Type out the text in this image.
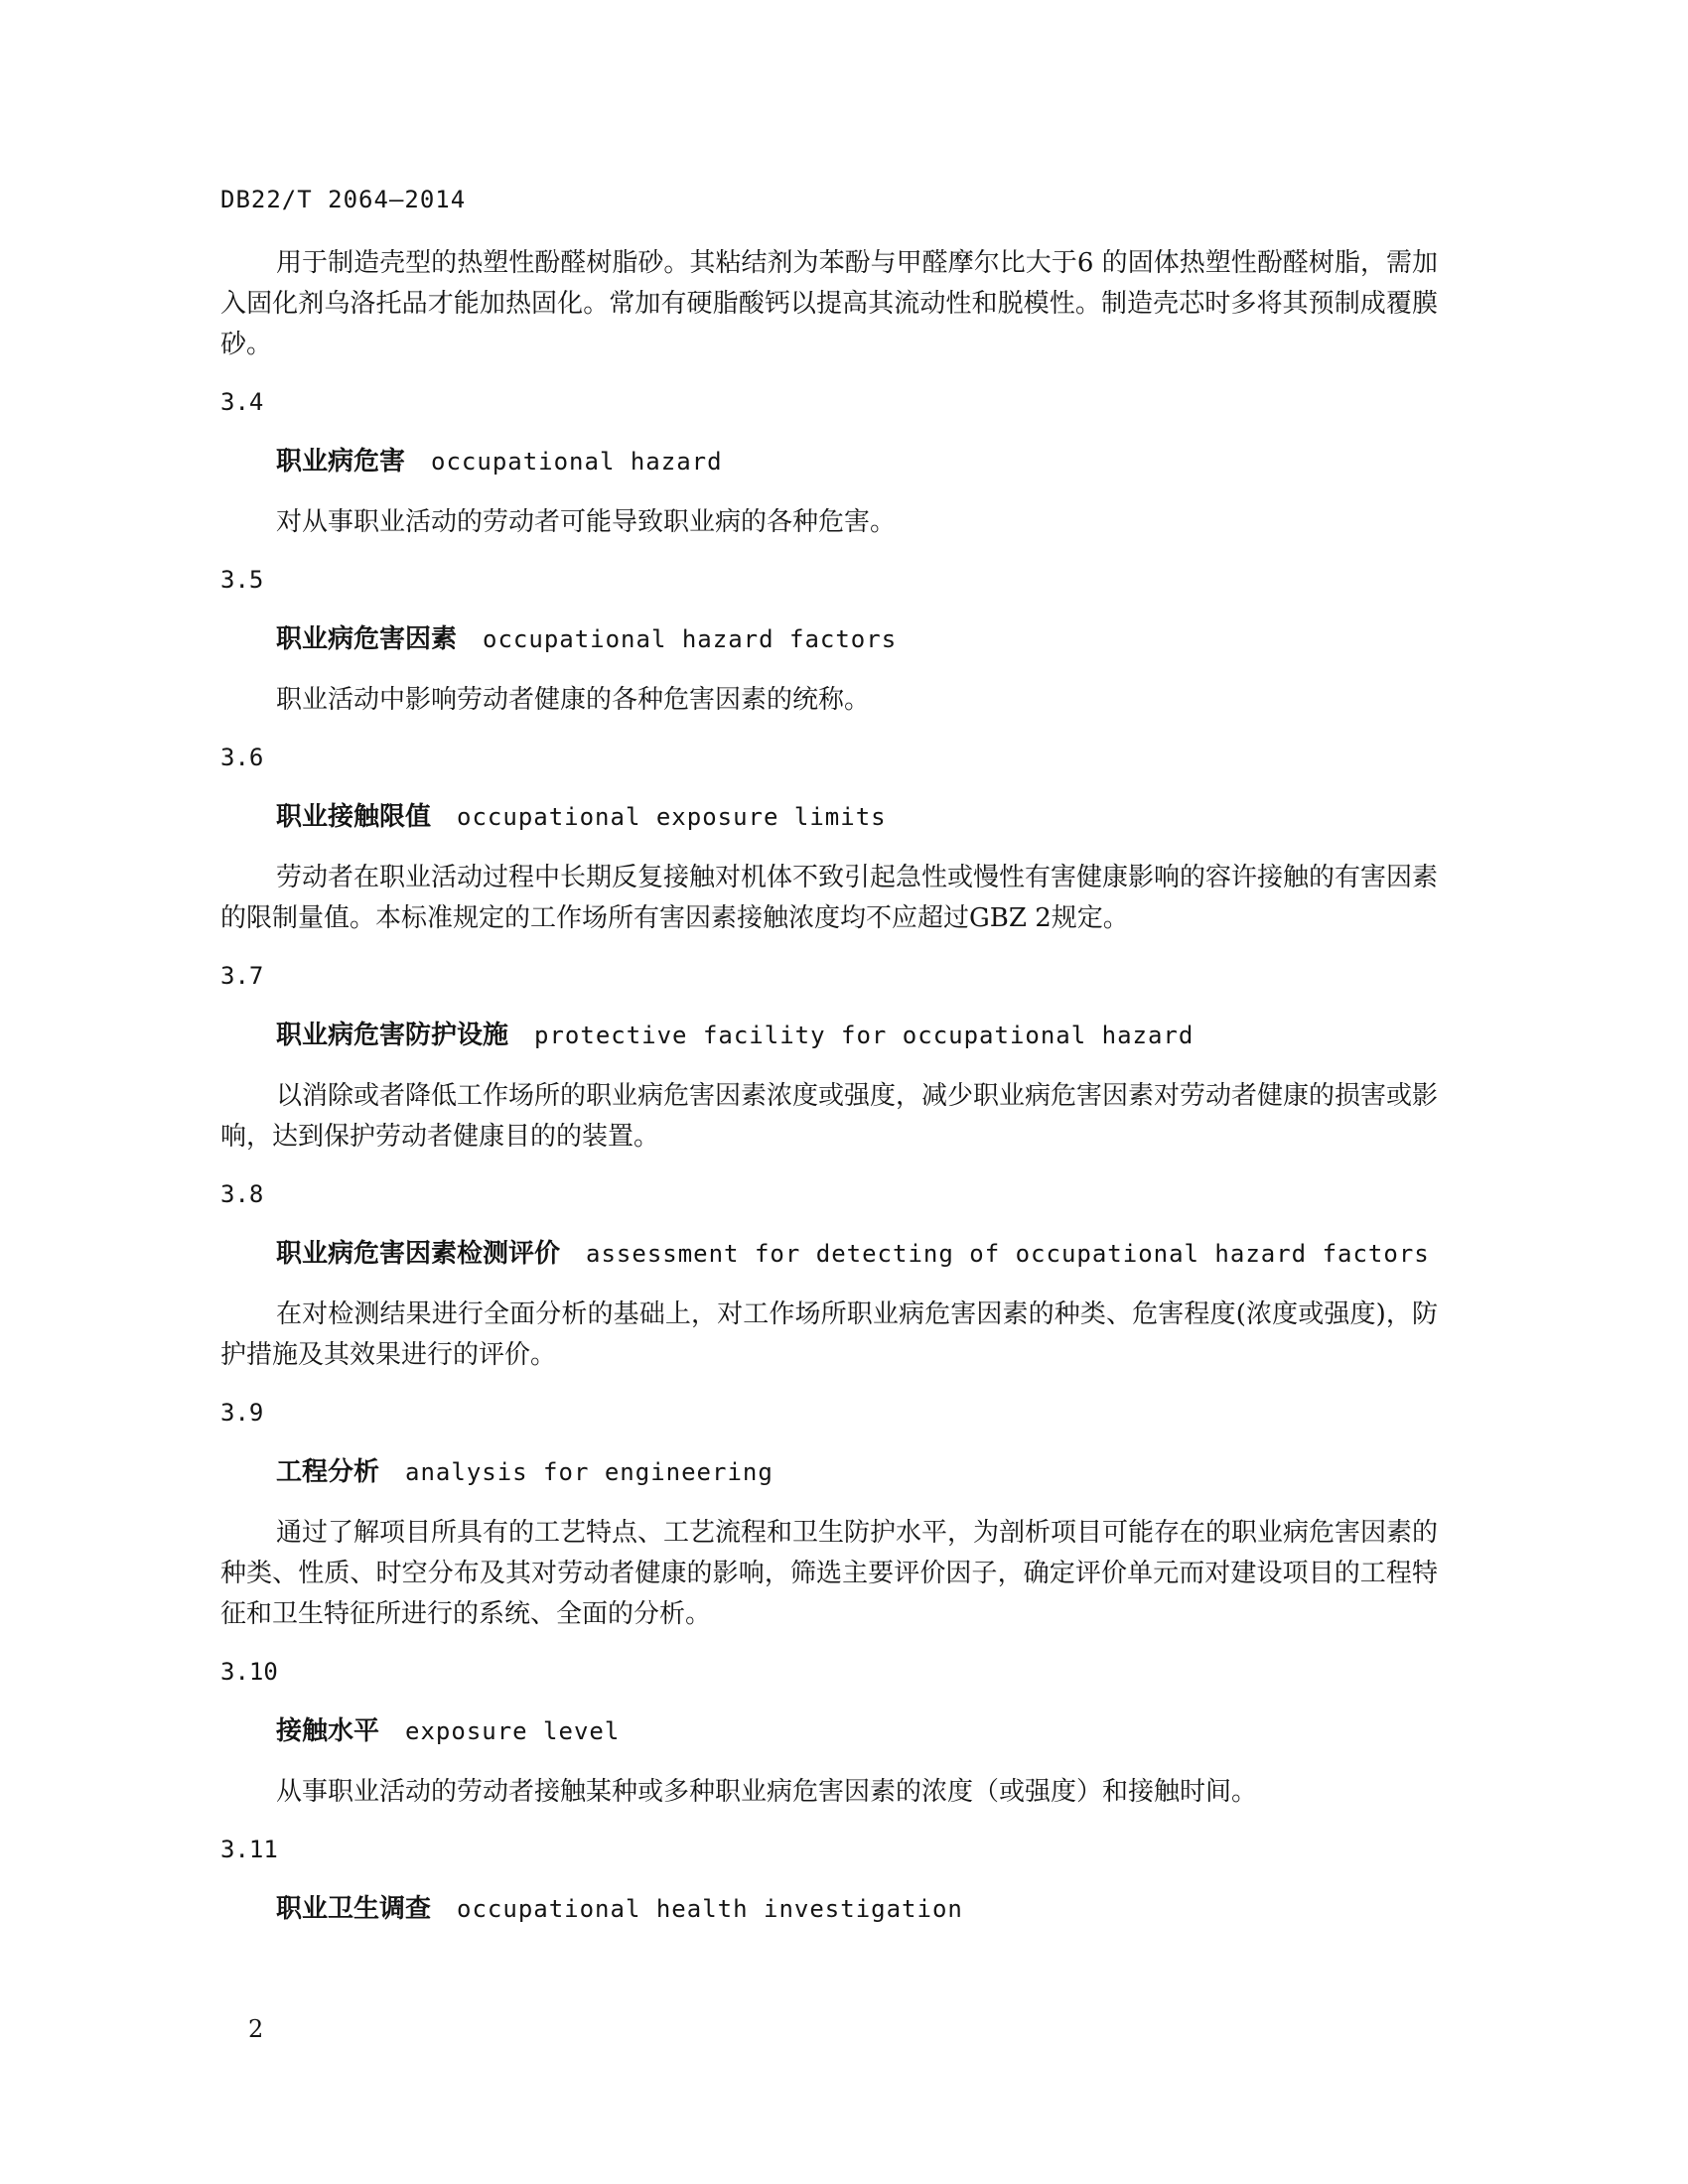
DB22/T 2064—2014

用于制造壳型的热塑性酚醛树脂砂。其粘结剂为苯酚与甲醛摩尔比大于6 的固体热塑性酚醛树脂，需加入固化剂乌洛托品才能加热固化。常加有硬脂酸钙以提高其流动性和脱模性。制造壳芯时多将其预制成覆膜砂。

3.4
职业病危害 occupational hazard

对从事职业活动的劳动者可能导致职业病的各种危害。

3.5
职业病危害因素 occupational hazard factors

职业活动中影响劳动者健康的各种危害因素的统称。

3.6
职业接触限值 occupational exposure limits

劳动者在职业活动过程中长期反复接触对机体不致引起急性或慢性有害健康影响的容许接触的有害因素的限制量值。本标准规定的工作场所有害因素接触浓度均不应超过GBZ 2规定。

3.7
职业病危害防护设施 protective facility for occupational hazard

以消除或者降低工作场所的职业病危害因素浓度或强度，减少职业病危害因素对劳动者健康的损害或影响，达到保护劳动者健康目的的装置。

3.8
职业病危害因素检测评价 assessment for detecting of occupational hazard factors

在对检测结果进行全面分析的基础上，对工作场所职业病危害因素的种类、危害程度(浓度或强度)，防护措施及其效果进行的评价。

3.9
工程分析 analysis for engineering

通过了解项目所具有的工艺特点、工艺流程和卫生防护水平，为剖析项目可能存在的职业病危害因素的种类、性质、时空分布及其对劳动者健康的影响，筛选主要评价因子，确定评价单元而对建设项目的工程特征和卫生特征所进行的系统、全面的分析。

3.10
接触水平 exposure level

从事职业活动的劳动者接触某种或多种职业病危害因素的浓度（或强度）和接触时间。

3.11
职业卫生调查 occupational health investigation
2
